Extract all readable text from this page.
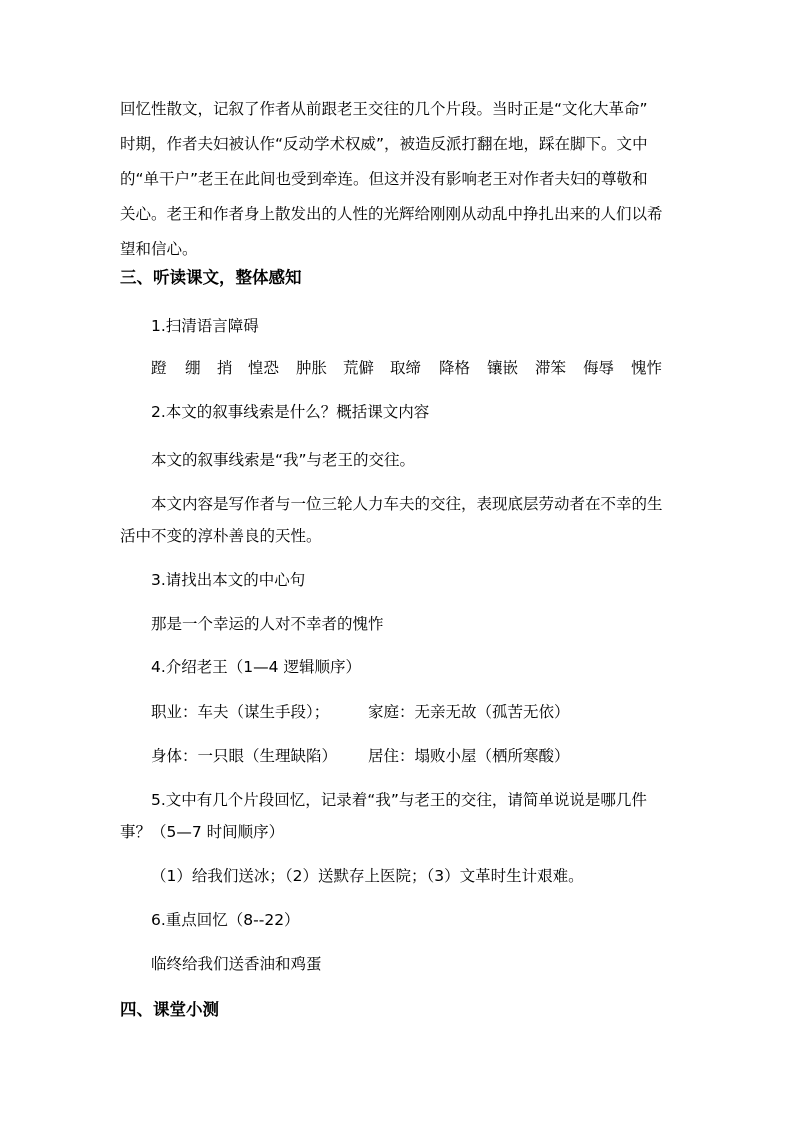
回忆性散文，记叙了作者从前跟老王交往的几个片段。当时正是“文化大革命”
时期，作者夫妇被认作“反动学术权威”，被造反派打翻在地，踩在脚下。文中
的“单干户”老王在此间也受到牵连。但这并没有影响老王对作者夫妇的尊敬和
关心。老王和作者身上散发出的人性的光辉给刚刚从动乱中挣扎出来的人们以希
望和信心。
三、听读课文，整体感知
1.扫清语言障碍
蹬 绷 捎 惶恐 肿胀 荒僻 取缔 降格 镶嵌 滞笨 侮辱 愧怍
2.本文的叙事线索是什么？概括课文内容
本文的叙事线索是“我”与老王的交往。
本文内容是写作者与一位三轮人力车夫的交往，表现底层劳动者在不幸的生
活中不变的淳朴善良的天性。
3.请找出本文的中心句
那是一个幸运的人对不幸者的愧怍
4.介绍老王（1—4 逻辑顺序）
职业：车夫（谋生手段）； 家庭：无亲无故（孤苦无依）
身体：一只眼（生理缺陷） 居住：塌败小屋（栖所寒酸）
5.文中有几个片段回忆，记录着“我”与老王的交往，请简单说说是哪几件
事？（5—7 时间顺序）
（1）给我们送冰；（2）送默存上医院；（3）文革时生计艰难。
6.重点回忆（8--22）
临终给我们送香油和鸡蛋
四、课堂小测
